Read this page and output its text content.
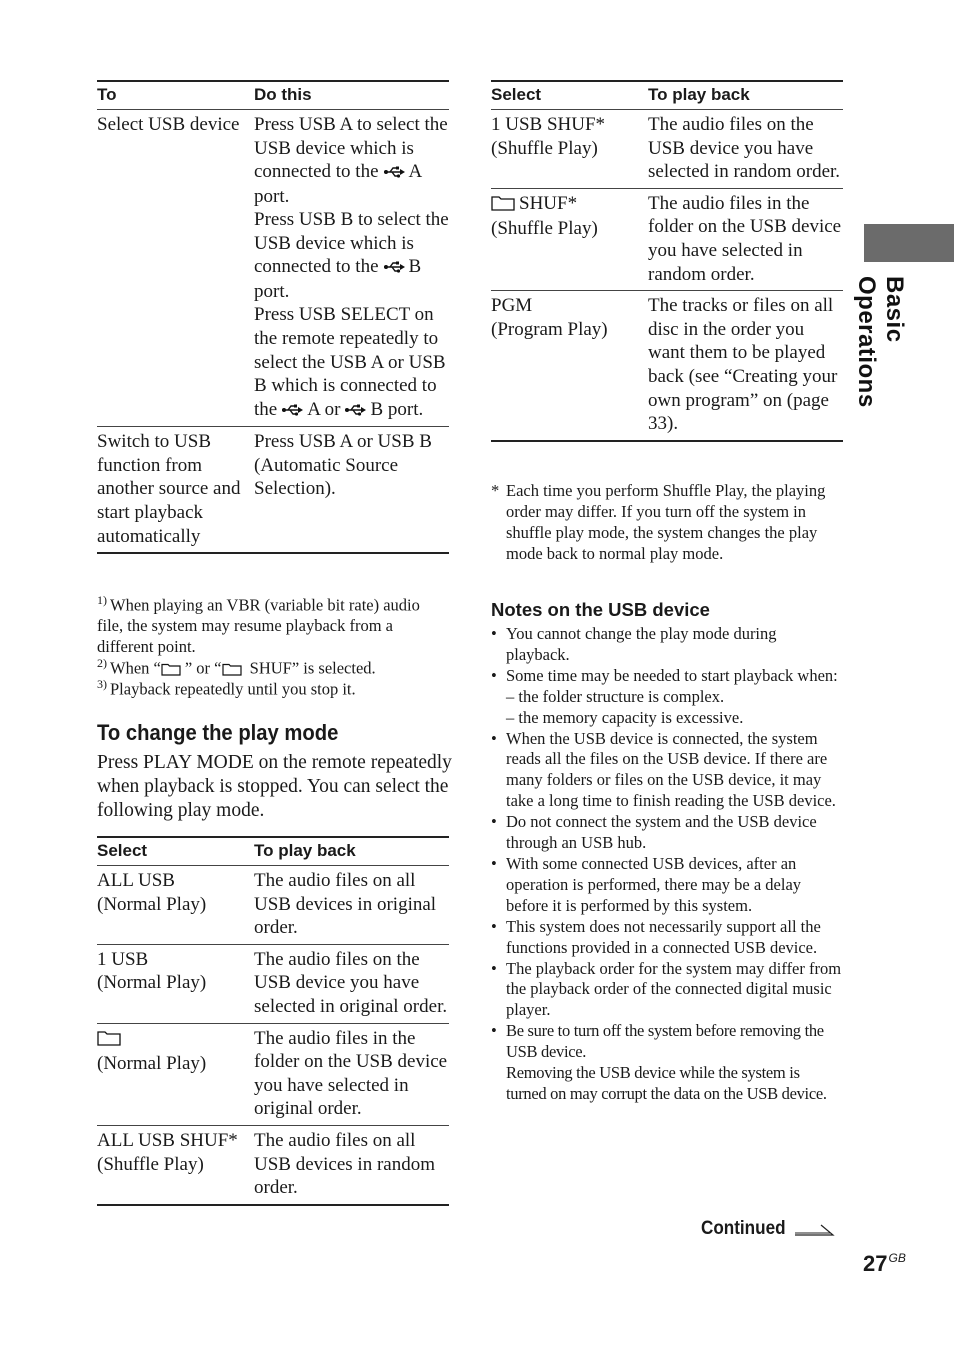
Basic Operations
To	Do this
Select USB device	Press USB A to select the USB device which is connected to the A port.
Press USB B to select the USB device which is connected to the B port.
Press USB SELECT on the remote repeatedly to select the USB A or USB B which is connected to the A or B port.

Switch to USB function from another source and start playback automatically	Press USB A or USB B (Automatic Source Selection).
$^{1)}$ When playing an VBR (variable bit rate) audio file, the system may resume playback from a different point.
$^{2)}$ When “ ” or “ SHUF” is selected.
$^{3)}$ Playback repeatedly until you stop it.
To change the play mode
Press PLAY MODE on the remote repeatedly when playback is stopped. You can select the following play mode.
Select	To play back

ALL USB
(Normal Play)	The audio files on all USB devices in original order.

1 USB
(Normal Play)	The audio files on the USB device you have selected in original order.

(Normal Play)	The audio files in the folder on the USB device you have selected in original order.

ALL USB SHUF*
(Shuffle Play)	The audio files on all USB devices in random order.
Select	To play back

1 USB SHUF*
(Shuffle Play)	The audio files on the USB device you have selected in random order.

SHUF*
(Shuffle Play)	The audio files in the folder on the USB device you have selected in random order.

PGM
(Program Play)	The tracks or files on all disc in the order you want them to be played back (see “Creating your own program” on (page 33).
* Each time you perform Shuffle Play, the playing order may differ. If you turn off the system in shuffle play mode, the system changes the play mode back to normal play mode.
Notes on the USB device
• You cannot change the play mode during playback.
• Some time may be needed to start playback when:
– the folder structure is complex.
– the memory capacity is excessive.
• When the USB device is connected, the system reads all the files on the USB device. If there are many folders or files on the USB device, it may take a long time to finish reading the USB device.
• Do not connect the system and the USB device through an USB hub.
• With some connected USB devices, after an operation is performed, there may be a delay before it is performed by this system.
• This system does not necessarily support all the functions provided in a connected USB device.
• The playback order for the system may differ from the playback order of the connected digital music player.
• Be sure to turn off the system before removing the USB device.
Removing the USB device while the system is turned on may corrupt the data on the USB device.
Continued
$27^{GB}$
